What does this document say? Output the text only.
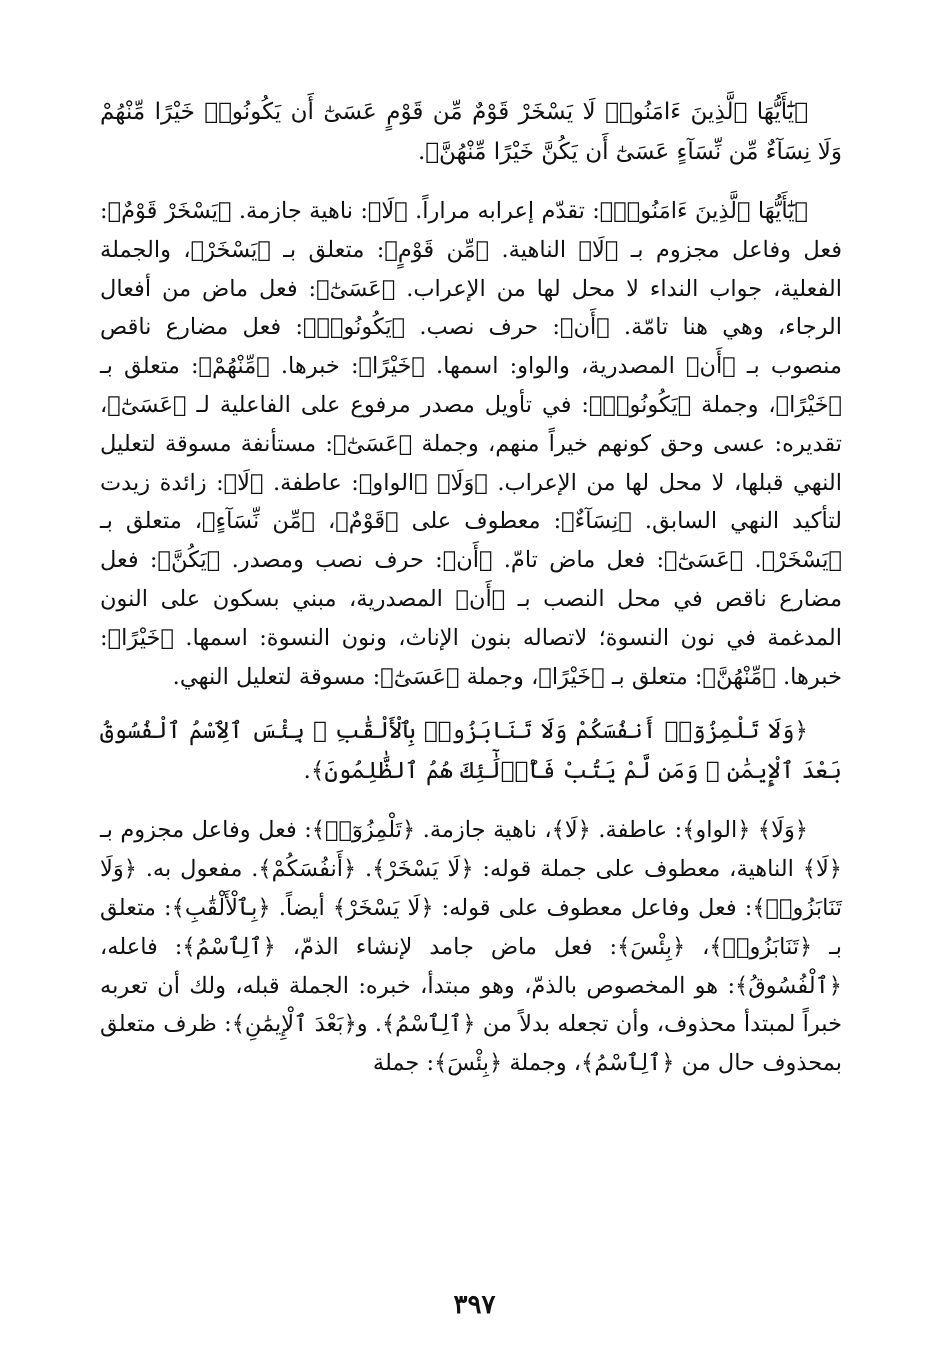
﴿يَٰٓأَيُّهَا ٱلَّذِينَ ءَامَنُوا۟ لَا يَسْخَرْ قَوْمٌ مِّن قَوْمٍ عَسَىٰٓ أَن يَكُونُوا۟ خَيْرًا مِّنْهُمْ وَلَا نِسَآءٌ مِّن نِّسَآءٍ عَسَىٰٓ أَن يَكُنَّ خَيْرًا مِّنْهُنَّ﴾.

﴿يَٰٓأَيُّهَا ٱلَّذِينَ ءَامَنُوا۟﴾: تقدّم إعرابه مراراً. ﴿لَا﴾: ناهية جازمة. ﴿يَسْخَرْ قَوْمٌ﴾: فعل وفاعل مجزوم بـ ﴿لَا﴾ الناهية. ﴿مِّن قَوْمٍ﴾: متعلق بـ ﴿يَسْخَرْ﴾، والجملة الفعلية، جواب النداء لا محل لها من الإعراب. ﴿عَسَىٰٓ﴾: فعل ماض من أفعال الرجاء، وهي هنا تامّة. ﴿أَن﴾: حرف نصب. ﴿يَكُونُوا۟﴾: فعل مضارع ناقص منصوب بـ ﴿أَن﴾ المصدرية، والواو: اسمها. ﴿خَيْرًا﴾: خبرها. ﴿مِّنْهُمْ﴾: متعلق بـ ﴿خَيْرًا﴾، وجملة ﴿يَكُونُوا۟﴾: في تأويل مصدر مرفوع على الفاعلية لـ ﴿عَسَىٰٓ﴾، تقديره: عسى وحق كونهم خيراً منهم، وجملة ﴿عَسَىٰٓ﴾: مستأنفة مسوقة لتعليل النهي قبلها، لا محل لها من الإعراب. ﴿وَلَا﴾ ﴿الواو﴾: عاطفة. ﴿لَا﴾: زائدة زيدت لتأكيد النهي السابق. ﴿نِسَآءٌ﴾: معطوف على ﴿قَوْمٌ﴾، ﴿مِّن نِّسَآءٍ﴾، متعلق بـ ﴿يَسْخَرْ﴾. ﴿عَسَىٰٓ﴾: فعل ماض تامّ. ﴿أَن﴾: حرف نصب ومصدر. ﴿يَكُنَّ﴾: فعل مضارع ناقص في محل النصب بـ ﴿أَن﴾ المصدرية، مبني بسكون على النون المدغمة في نون النسوة؛ لاتصاله بنون الإناث، ونون النسوة: اسمها. ﴿خَيْرًا﴾: خبرها. ﴿مِّنْهُنَّ﴾: متعلق بـ ﴿خَيْرًا﴾، وجملة ﴿عَسَىٰٓ﴾: مسوقة لتعليل النهي.

﴿وَلَا تَلْمِزُوٓا۟ أَنفُسَكُمْ وَلَا تَنَابَزُوا۟ بِٱلْأَلْقَٰبِ ۖ بِئْسَ ٱلِٱسْمُ ٱلْفُسُوقُ بَعْدَ ٱلْإِيمَٰنِ ۚ وَمَن لَّمْ يَتُبْ فَأُو۟لَٰٓئِكَ هُمُ ٱلظَّٰلِمُونَ﴾.

﴿وَلَا﴾ ﴿الواو﴾: عاطفة. ﴿لَا﴾، ناهية جازمة. ﴿تَلْمِزُوٓا۟﴾: فعل وفاعل مجزوم بـ ﴿لَا﴾ الناهية، معطوف على جملة قوله: ﴿لَا يَسْخَرْ﴾. ﴿أَنفُسَكُمْ﴾. مفعول به. ﴿وَلَا تَنَابَزُوا۟﴾: فعل وفاعل معطوف على قوله: ﴿لَا يَسْخَرْ﴾ أيضاً. ﴿بِٱلْأَلْقَٰبِ﴾: متعلق بـ ﴿تَنَابَزُوا۟﴾، ﴿بِئْسَ﴾: فعل ماض جامد لإنشاء الذمّ، ﴿ٱلِٱسْمُ﴾: فاعله، ﴿ٱلْفُسُوقُ﴾: هو المخصوص بالذمّ، وهو مبتدأ، خبره: الجملة قبله، ولك أن تعربه خبراً لمبتدأ محذوف، وأن تجعله بدلاً من ﴿ٱلِٱسْمُ﴾. و﴿بَعْدَ ٱلْإِيمَٰنِ﴾: ظرف متعلق بمحذوف حال من ﴿ٱلِٱسْمُ﴾، وجملة ﴿بِئْسَ﴾: جملة

٣٩٧
